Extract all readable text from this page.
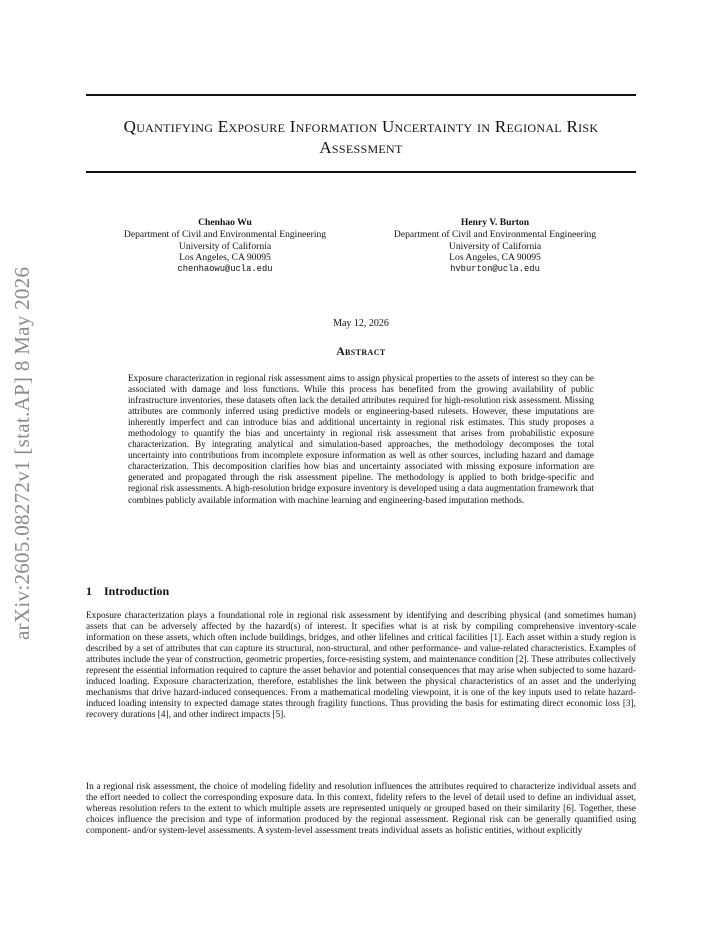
arXiv:2605.08272v1 [stat.AP] 8 May 2026
Quantifying Exposure Information Uncertainty in Regional Risk Assessment
Chenhao Wu
Department of Civil and Environmental Engineering
University of California
Los Angeles, CA 90095
chenhaowu@ucla.edu
Henry V. Burton
Department of Civil and Environmental Engineering
University of California
Los Angeles, CA 90095
hvburton@ucla.edu
May 12, 2026
Abstract
Exposure characterization in regional risk assessment aims to assign physical properties to the assets of interest so they can be associated with damage and loss functions. While this process has benefited from the growing availability of public infrastructure inventories, these datasets often lack the detailed attributes required for high-resolution risk assessment. Missing attributes are commonly inferred using predictive models or engineering-based rulesets. However, these imputations are inherently imperfect and can introduce bias and additional uncertainty in regional risk estimates. This study proposes a methodology to quantify the bias and uncertainty in regional risk assessment that arises from probabilistic exposure characterization. By integrating analytical and simulation-based approaches, the methodology decomposes the total uncertainty into contributions from incomplete exposure information as well as other sources, including hazard and damage characterization. This decomposition clarifies how bias and uncertainty associated with missing exposure information are generated and propagated through the risk assessment pipeline. The methodology is applied to both bridge-specific and regional risk assessments. A high-resolution bridge exposure inventory is developed using a data augmentation framework that combines publicly available information with machine learning and engineering-based imputation methods.
1 Introduction
Exposure characterization plays a foundational role in regional risk assessment by identifying and describing physical (and sometimes human) assets that can be adversely affected by the hazard(s) of interest. It specifies what is at risk by compiling comprehensive inventory-scale information on these assets, which often include buildings, bridges, and other lifelines and critical facilities [1]. Each asset within a study region is described by a set of attributes that can capture its structural, non-structural, and other performance- and value-related characteristics. Examples of attributes include the year of construction, geometric properties, force-resisting system, and maintenance condition [2]. These attributes collectively represent the essential information required to capture the asset behavior and potential consequences that may arise when subjected to some hazard-induced loading. Exposure characterization, therefore, establishes the link between the physical characteristics of an asset and the underlying mechanisms that drive hazard-induced consequences. From a mathematical modeling viewpoint, it is one of the key inputs used to relate hazard-induced loading intensity to expected damage states through fragility functions. Thus providing the basis for estimating direct economic loss [3], recovery durations [4], and other indirect impacts [5].
In a regional risk assessment, the choice of modeling fidelity and resolution influences the attributes required to characterize individual assets and the effort needed to collect the corresponding exposure data. In this context, fidelity refers to the level of detail used to define an individual asset, whereas resolution refers to the extent to which multiple assets are represented uniquely or grouped based on their similarity [6]. Together, these choices influence the precision and type of information produced by the regional assessment. Regional risk can be generally quantified using component- and/or system-level assessments. A system-level assessment treats individual assets as holistic entities, without explicitly
